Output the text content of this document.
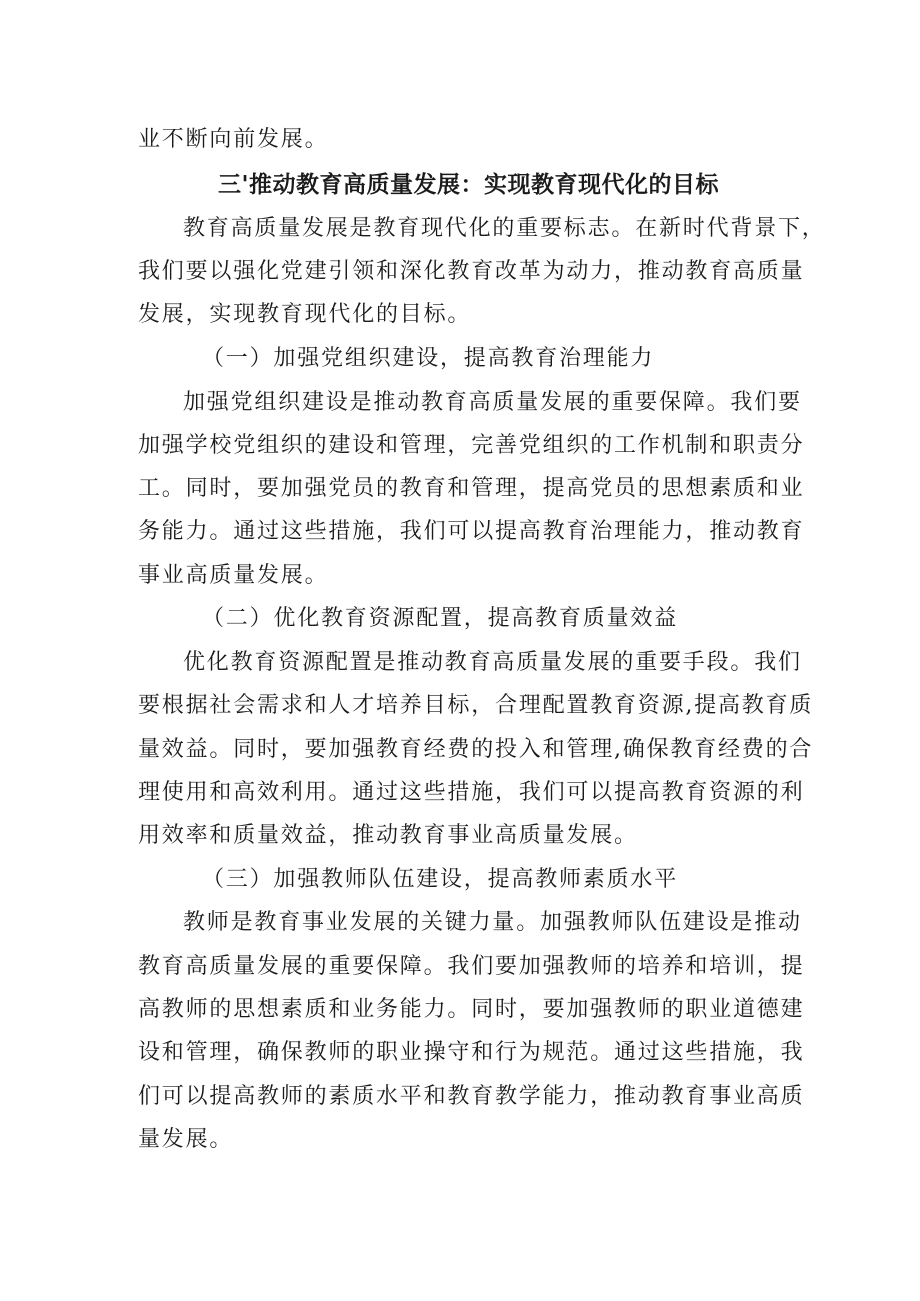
业不断向前发展。
三'推动教育高质量发展：实现教育现代化的目标
教育高质量发展是教育现代化的重要标志。在新时代背景下，
我们要以强化党建引领和深化教育改革为动力，推动教育高质量
发展，实现教育现代化的目标。
（一）加强党组织建设，提高教育治理能力
加强党组织建设是推动教育高质量发展的重要保障。我们要
加强学校党组织的建设和管理，完善党组织的工作机制和职责分
工。同时，要加强党员的教育和管理，提高党员的思想素质和业
务能力。通过这些措施，我们可以提高教育治理能力，推动教育
事业高质量发展。
（二）优化教育资源配置，提高教育质量效益
优化教育资源配置是推动教育高质量发展的重要手段。我们
要根据社会需求和人才培养目标，合理配置教育资源,提高教育质
量效益。同时，要加强教育经费的投入和管理,确保教育经费的合
理使用和高效利用。通过这些措施，我们可以提高教育资源的利
用效率和质量效益，推动教育事业高质量发展。
（三）加强教师队伍建设，提高教师素质水平
教师是教育事业发展的关键力量。加强教师队伍建设是推动
教育高质量发展的重要保障。我们要加强教师的培养和培训，提
高教师的思想素质和业务能力。同时，要加强教师的职业道德建
设和管理，确保教师的职业操守和行为规范。通过这些措施，我
们可以提高教师的素质水平和教育教学能力，推动教育事业高质
量发展。
